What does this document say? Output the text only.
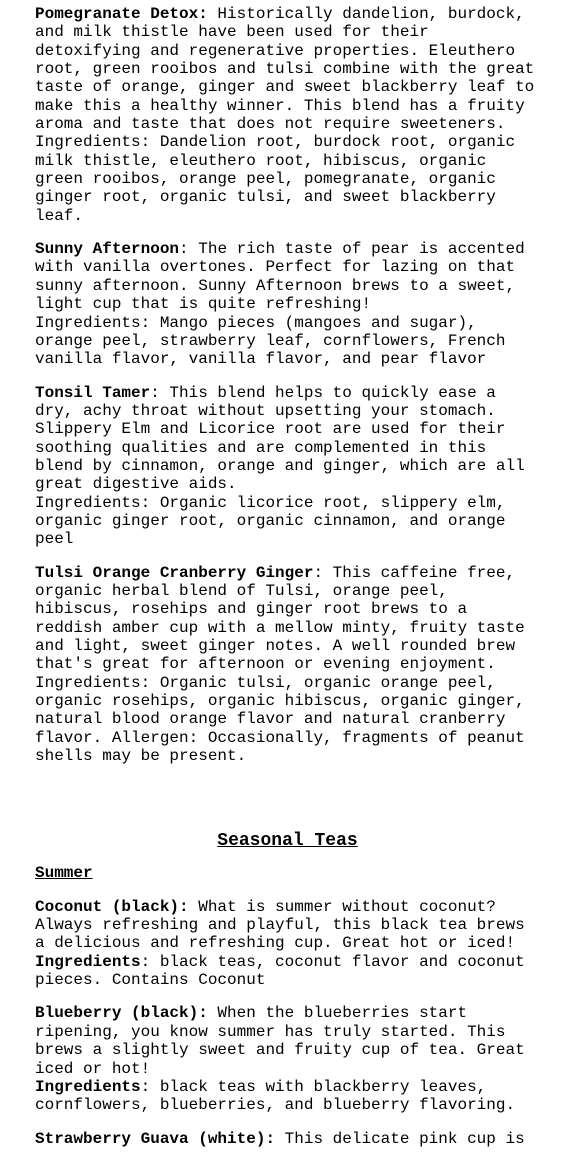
Pomegranate Detox: Historically dandelion, burdock, and milk thistle have been used for their detoxifying and regenerative properties. Eleuthero root, green rooibos and tulsi combine with the great taste of orange, ginger and sweet blackberry leaf to make this a healthy winner. This blend has a fruity aroma and taste that does not require sweeteners.
Ingredients: Dandelion root, burdock root, organic milk thistle, eleuthero root, hibiscus, organic green rooibos, orange peel, pomegranate, organic ginger root, organic tulsi, and sweet blackberry leaf.
Sunny Afternoon: The rich taste of pear is accented with vanilla overtones. Perfect for lazing on that sunny afternoon. Sunny Afternoon brews to a sweet, light cup that is quite refreshing!
Ingredients: Mango pieces (mangoes and sugar), orange peel, strawberry leaf, cornflowers, French vanilla flavor, vanilla flavor, and pear flavor
Tonsil Tamer: This blend helps to quickly ease a dry, achy throat without upsetting your stomach. Slippery Elm and Licorice root are used for their soothing qualities and are complemented in this blend by cinnamon, orange and ginger, which are all great digestive aids.
Ingredients: Organic licorice root, slippery elm, organic ginger root, organic cinnamon, and orange peel
Tulsi Orange Cranberry Ginger: This caffeine free, organic herbal blend of Tulsi, orange peel, hibiscus, rosehips and ginger root brews to a reddish amber cup with a mellow minty, fruity taste and light, sweet ginger notes. A well rounded brew that's great for afternoon or evening enjoyment.
Ingredients: Organic tulsi, organic orange peel, organic rosehips, organic hibiscus, organic ginger, natural blood orange flavor and natural cranberry flavor. Allergen: Occasionally, fragments of peanut shells may be present.
Seasonal Teas
Summer
Coconut (black): What is summer without coconut? Always refreshing and playful, this black tea brews a delicious and refreshing cup. Great hot or iced!
Ingredients: black teas, coconut flavor and coconut pieces. Contains Coconut
Blueberry (black): When the blueberries start ripening, you know summer has truly started. This brews a slightly sweet and fruity cup of tea. Great iced or hot!
Ingredients: black teas with blackberry leaves, cornflowers, blueberries, and blueberry flavoring.
Strawberry Guava (white): This delicate pink cup is
